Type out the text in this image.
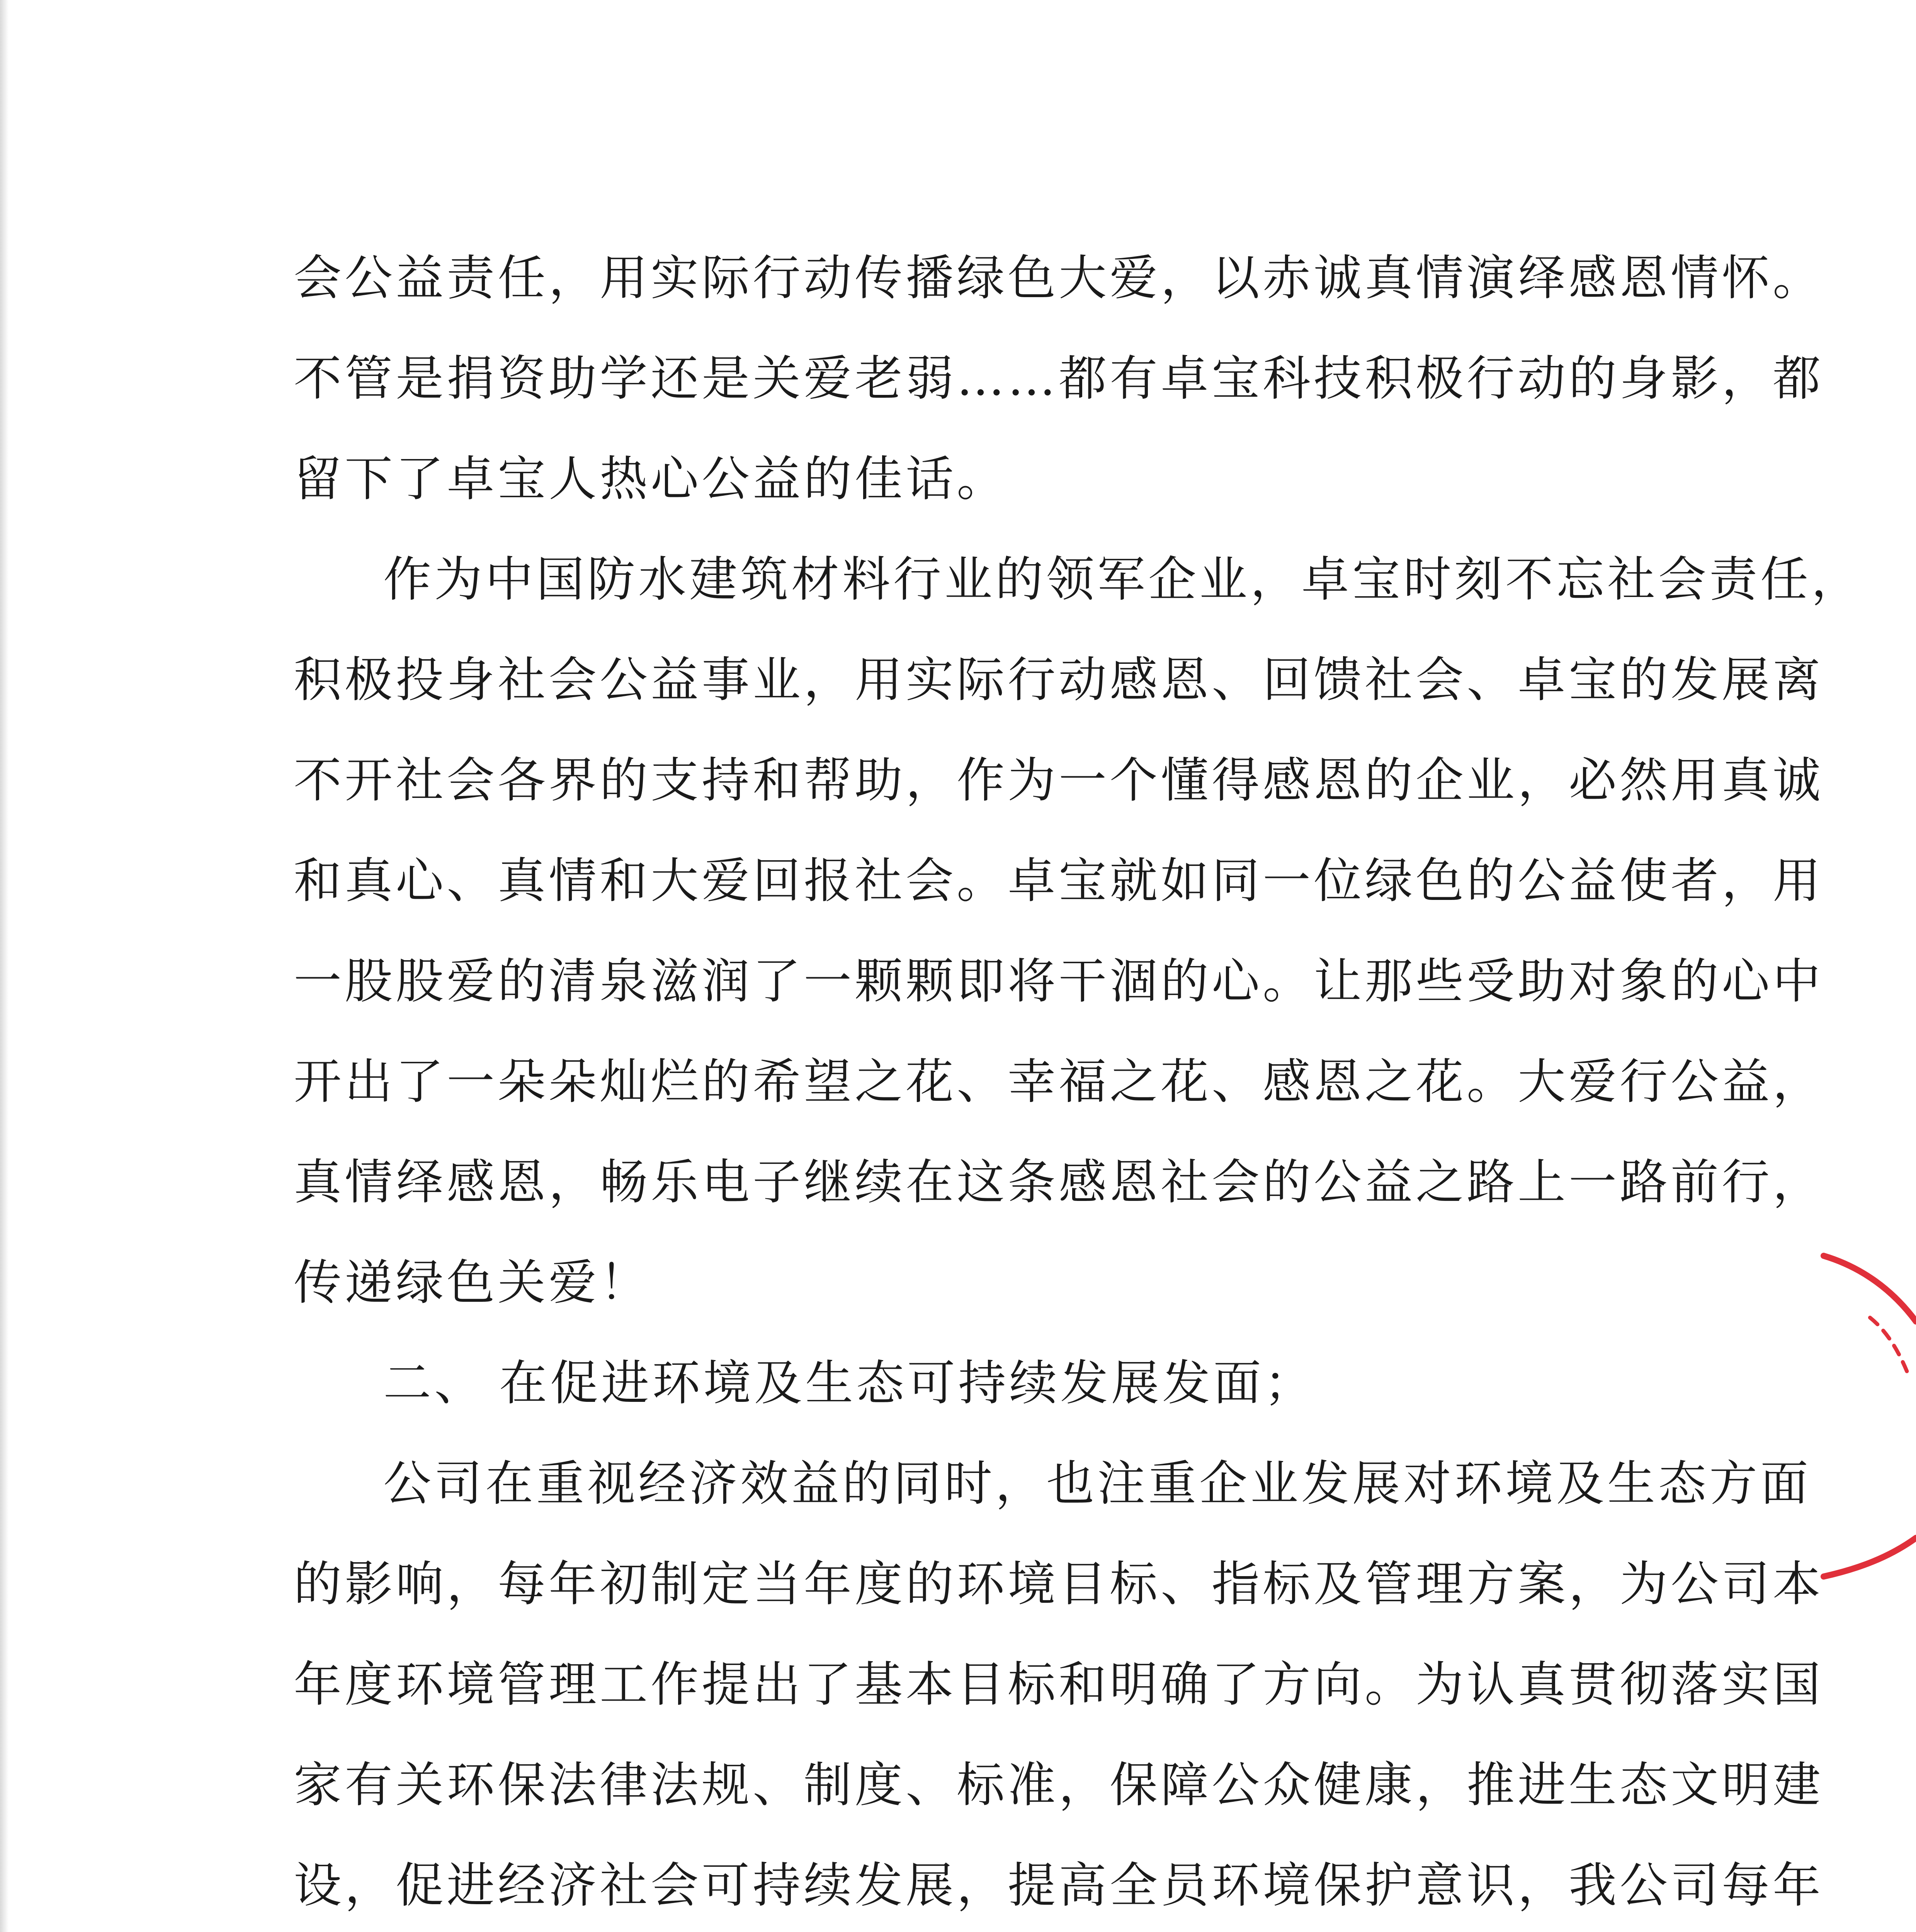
会公益责任，用实际行动传播绿色大爱，以赤诚真情演绎感恩情怀。
不管是捐资助学还是关爱老弱……都有卓宝科技积极行动的身影，都
留下了卓宝人热心公益的佳话。
作为中国防水建筑材料行业的领军企业，卓宝时刻不忘社会责任，
积极投身社会公益事业，用实际行动感恩、回馈社会、卓宝的发展离
不开社会各界的支持和帮助，作为一个懂得感恩的企业，必然用真诚
和真心、真情和大爱回报社会。卓宝就如同一位绿色的公益使者，用
一股股爱的清泉滋润了一颗颗即将干涸的心。让那些受助对象的心中
开出了一朵朵灿烂的希望之花、幸福之花、感恩之花。大爱行公益，
真情绎感恩，畅乐电子继续在这条感恩社会的公益之路上一路前行，
传递绿色关爱！
二、 在促进环境及生态可持续发展发面；
公司在重视经济效益的同时，也注重企业发展对环境及生态方面
的影响，每年初制定当年度的环境目标、指标及管理方案，为公司本
年度环境管理工作提出了基本目标和明确了方向。为认真贯彻落实国
家有关环保法律法规、制度、标准，保障公众健康，推进生态文明建
设，促进经济社会可持续发展，提高全员环境保护意识，我公司每年
